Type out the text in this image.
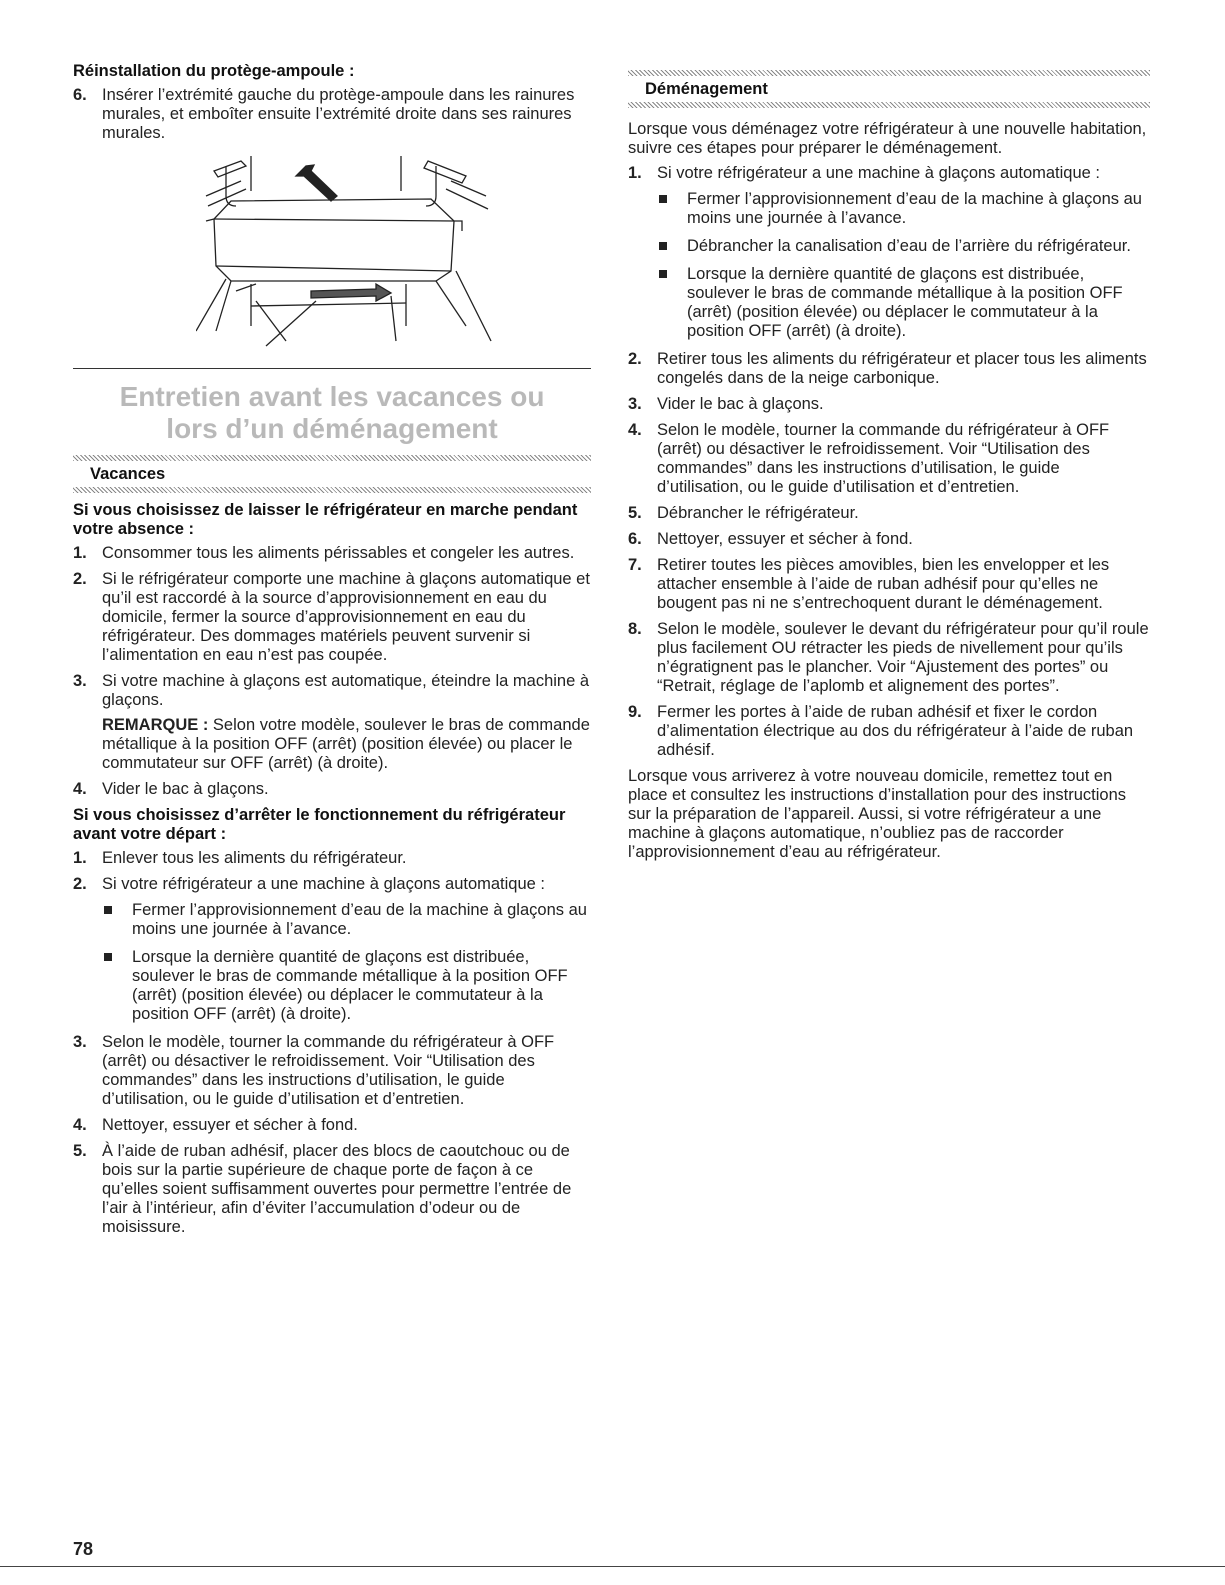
Réinstallation du protège-ampoule :
6. Insérer l’extrémité gauche du protège-ampoule dans les rainures murales, et emboîter ensuite l’extrémité droite dans ses rainures murales.
Entretien avant les vacances ou
lors d’un déménagement
Vacances
Si vous choisissez de laisser le réfrigérateur en marche pendant votre absence :
1. Consommer tous les aliments périssables et congeler les autres.
2. Si le réfrigérateur comporte une machine à glaçons automatique et qu’il est raccordé à la source d’approvisionnement en eau du domicile, fermer la source d’approvisionnement en eau du réfrigérateur. Des dommages matériels peuvent survenir si l’alimentation en eau n’est pas coupée.
3. Si votre machine à glaçons est automatique, éteindre la machine à glaçons.
REMARQUE : Selon votre modèle, soulever le bras de commande métallique à la position OFF (arrêt) (position élevée) ou placer le commutateur sur OFF (arrêt) (à droite).
4. Vider le bac à glaçons.
Si vous choisissez d’arrêter le fonctionnement du réfrigérateur avant votre départ :
1. Enlever tous les aliments du réfrigérateur.
2. Si votre réfrigérateur a une machine à glaçons automatique :
Fermer l’approvisionnement d’eau de la machine à glaçons au moins une journée à l’avance.
Lorsque la dernière quantité de glaçons est distribuée, soulever le bras de commande métallique à la position OFF (arrêt) (position élevée) ou déplacer le commutateur à la position OFF (arrêt) (à droite).
3. Selon le modèle, tourner la commande du réfrigérateur à OFF (arrêt) ou désactiver le refroidissement. Voir “Utilisation des commandes” dans les instructions d’utilisation, le guide d’utilisation, ou le guide d’utilisation et d’entretien.
4. Nettoyer, essuyer et sécher à fond.
5. À l’aide de ruban adhésif, placer des blocs de caoutchouc ou de bois sur la partie supérieure de chaque porte de façon à ce qu’elles soient suffisamment ouvertes pour permettre l’entrée de l’air à l’intérieur, afin d’éviter l’accumulation d’odeur ou de moisissure.
Déménagement

Lorsque vous déménagez votre réfrigérateur à une nouvelle habitation, suivre ces étapes pour préparer le déménagement.

1. Si votre réfrigérateur a une machine à glaçons automatique :
Fermer l’approvisionnement d’eau de la machine à glaçons au moins une journée à l’avance.
Débrancher la canalisation d’eau de l’arrière du réfrigérateur.
Lorsque la dernière quantité de glaçons est distribuée, soulever le bras de commande métallique à la position OFF (arrêt) (position élevée) ou déplacer le commutateur à la position OFF (arrêt) (à droite).
2. Retirer tous les aliments du réfrigérateur et placer tous les aliments congelés dans de la neige carbonique.
3. Vider le bac à glaçons.
4. Selon le modèle, tourner la commande du réfrigérateur à OFF (arrêt) ou désactiver le refroidissement. Voir “Utilisation des commandes” dans les instructions d’utilisation, le guide d’utilisation, ou le guide d’utilisation et d’entretien.
5. Débrancher le réfrigérateur.
6. Nettoyer, essuyer et sécher à fond.
7. Retirer toutes les pièces amovibles, bien les envelopper et les attacher ensemble à l’aide de ruban adhésif pour qu’elles ne bougent pas ni ne s’entrechoquent durant le déménagement.
8. Selon le modèle, soulever le devant du réfrigérateur pour qu’il roule plus facilement OU rétracter les pieds de nivellement pour qu’ils n’égratignent pas le plancher. Voir “Ajustement des portes” ou “Retrait, réglage de l’aplomb et alignement des portes”.
9. Fermer les portes à l’aide de ruban adhésif et fixer le cordon d’alimentation électrique au dos du réfrigérateur à l’aide de ruban adhésif.

Lorsque vous arriverez à votre nouveau domicile, remettez tout en place et consultez les instructions d’installation pour des instructions sur la préparation de l’appareil. Aussi, si votre réfrigérateur a une machine à glaçons automatique, n’oubliez pas de raccorder l’approvisionnement d’eau au réfrigérateur.

78
